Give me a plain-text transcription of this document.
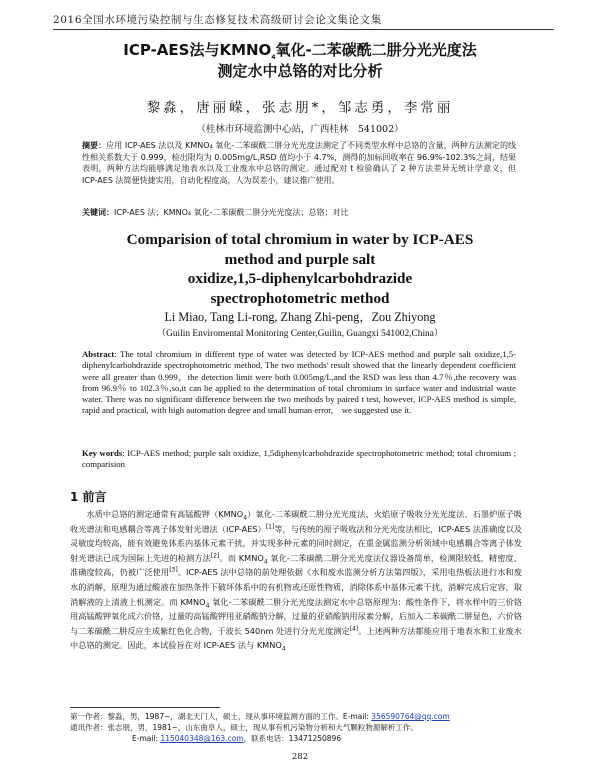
2016全国水环境污染控制与生态修复技术高级研讨会论文集论文集
ICP-AES法与$KMNO_4$氧化-二苯碳酰二肼分光光度法
测定水中总铬的对比分析
黎淼，唐丽嵘，张志朋*，邹志勇，李常丽
（桂林市环境监测中心站，广西桂林　541002）
摘要：应用 ICP-AES 法以及 KMNO₄ 氧化-二苯碳酰二肼分光光度法测定了不同类型水样中总铬的含量，两种方法测定的线性相关系数大于 0.999，检出限均为 0.005mg/L,RSD 值均小于 4.7%，测得的加标回收率在 96.9%-102.3%之间，结果表明，两种方法均能够满足地表水以及工业废水中总铬的测定。通过配对 t 检验确认了 2 种方法差异无统计学意义，但 ICP-AES 法简便快捷实用，自动化程度高，人为误差小，建议推广使用。
关键词：ICP-AES 法；KMNO₄ 氧化-二苯碳酰二肼分光光度法；总铬；对比
Comparision of total chromium in water by ICP-AES
method and purple salt
oxidize,1,5-diphenylcarbohdrazide
spectrophotometric method
Li Miao, Tang Li-rong, Zhang Zhi-peng，Zou Zhiyong
（Guilin Enviromental Monitoring Center,Guilin, Guangxi 541002,China）
Abstract: The total chromium in different type of water was detected by ICP-AES method and purple salt oxidize,1,5-diphenylcarbohdrazide spectrophotometric method, The two methods' result showed that the linearly dependent coefficient were all greater than 0.999，the detection limit were both 0.005mg/L,and the RSD was less than 4.7％,the recovery was from 96.9％ to 102.3％,so,it can be applied to the determination of total chromium in surface water and industrial waste water. There was no significant difference between the two methods by paired t test, however, ICP-AES method is simple, rapid and practical, with high automation degree and small human error,　we suggested use it.
Key words: ICP-AES method; purple salt oxidize, 1,5diphenylcarbohdrazide spectrophotometric method; total chromium ; comparision
1 前言

水质中总铬的测定通常有高锰酸钾$(KMNO_4)$氧化-二苯碳酰二肼分光光度法、火焰原子吸收分光光度法、石墨炉原子吸收光谱法和电感耦合等离子体发射光谱法（ICP-AES）[1]等，与传统的原子吸收法和分光光度法相比，ICP-AES 法准确度以及灵敏度均较高，能有效避免体系内基体元素干扰，并实现多种元素的同时测定，在重金属监测分析领域中电感耦合等离子体发射光谱法已成为国际上先进的检测方法[2]。而 $KMNO_4$ 氧化-二苯碳酰二肼分光光度法仪器设备简单，检测限较低，精密度、准确度较高，仍被广泛使用[3]。ICP-AES 法中总铬的前处理依据《水和废水监测分析方法第四版》，采用电热板法进行水和废水的消解，原理为通过酸液在加热条件下破坏体系中的有机物或还原性物质，消除体系中基体元素干扰，消解完成后定容，取消解液的上清液上机测定。而 $KMNO_4$ 氧化-二苯碳酰二肼分光光度法测定水中总铬原理为：酸性条件下，将水样中的三价铬用高锰酸钾氧化成六价铬，过量的高锰酸钾用亚硝酸钠分解，过量的亚硝酸钠用尿素分解，后加入二苯碳酰二肼显色，六价铬与二苯碳酰二肼反应生成紫红色化合物，于波长 540nm 处进行分光光度测定[4]。上述两种方法都能应用于地表水和工业废水中总铬的测定。因此，本试验旨在对 ICP-AES 法与 $KMNO_4$

第一作者：黎淼，男，1987~，湖北天门人，硕士，现从事环境监测方面的工作。E-mail: 356590764@qq.com
通讯作者：张志朋，男，1981~，山东曲阜人，硕士，现从事有机污染物分析和大气颗粒物源解析工作。
E-mail: 115040348@163.com，联系电话：13471250896
282
